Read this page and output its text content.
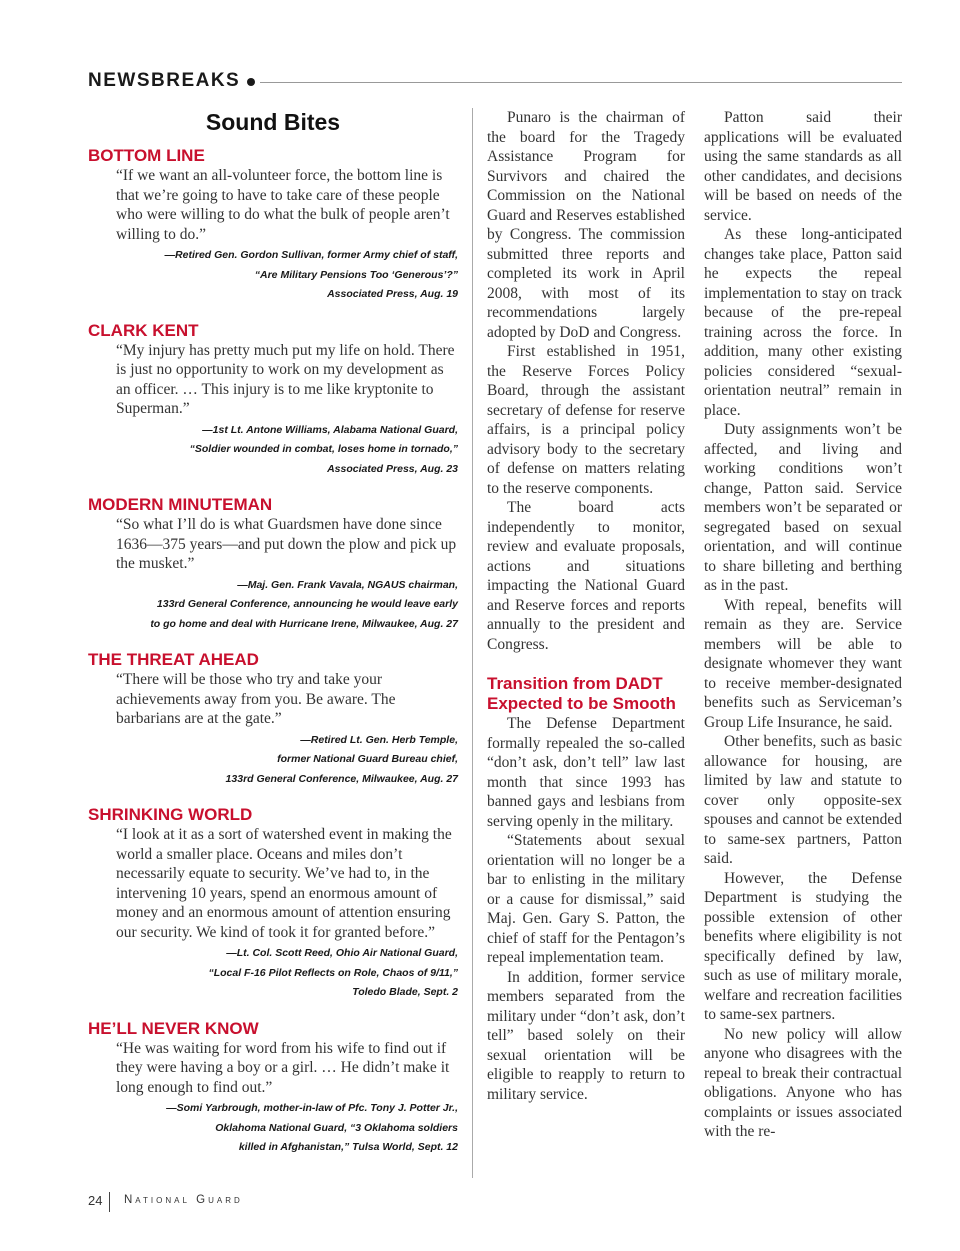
NEWSBREAKS
Sound Bites
BOTTOM LINE

“If we want an all-volunteer force, the bottom line is that we’re going to have to take care of these people who were willing to do what the bulk of people aren’t willing to do.”

—Retired Gen. Gordon Sullivan, former Army chief of staff,

“Are Military Pensions Too ‘Generous’?”

Associated Press, Aug. 19

CLARK KENT

“My injury has pretty much put my life on hold. There is just no opportunity to work on my development as an officer. … This injury is to me like kryptonite to Superman.”

—1st Lt. Antone Williams, Alabama National Guard,

“Soldier wounded in combat, loses home in tornado,”

Associated Press, Aug. 23

MODERN MINUTEMAN

“So what I’ll do is what Guardsmen have done since 1636—375 years—and put down the plow and pick up the musket.”

—Maj. Gen. Frank Vavala, NGAUS chairman,

133rd General Conference, announcing he would leave early

to go home and deal with Hurricane Irene, Milwaukee, Aug. 27

THE THREAT AHEAD

“There will be those who try and take your achievements away from you. Be aware. The barbarians are at the gate.”

—Retired Lt. Gen. Herb Temple,

former National Guard Bureau chief,

133rd General Conference, Milwaukee, Aug. 27

SHRINKING WORLD

“I look at it as a sort of watershed event in making the world a smaller place. Oceans and miles don’t necessarily equate to security. We’ve had to, in the intervening 10 years, spend an enormous amount of money and an enormous amount of attention ensuring our security. We kind of took it for granted before.”

—Lt. Col. Scott Reed, Ohio Air National Guard,

“Local F-16 Pilot Reflects on Role, Chaos of 9/11,”

Toledo Blade, Sept. 2

HE’LL NEVER KNOW

“He was waiting for word from his wife to find out if they were having a boy or a girl. … He didn’t make it long enough to find out.”

—Somi Yarbrough, mother-in-law of Pfc. Tony J. Potter Jr.,

Oklahoma National Guard, “3 Oklahoma soldiers

killed in Afghanistan,” Tulsa World, Sept. 12

Punaro is the chairman of the board for the Tragedy Assistance Program for Survivors and chaired the Commission on the National Guard and Reserves established by Congress. The commission submitted three reports and completed its work in April 2008, with most of its recommendations largely adopted by DoD and Congress.

First established in 1951, the Reserve Forces Policy Board, through the assistant secretary of defense for reserve affairs, is a principal policy advisory body to the secretary of defense on matters relating to the reserve components.

The board acts independently to monitor, review and evaluate proposals, actions and situations impacting the National Guard and Reserve forces and reports annually to the president and Congress.

Transition from DADT Expected to be Smooth

The Defense Department formally repealed the so-called “don’t ask, don’t tell” law last month that since 1993 has banned gays and lesbians from serving openly in the military.

“Statements about sexual orientation will no longer be a bar to enlisting in the military or a cause for dismissal,” said Maj. Gen. Gary S. Patton, the chief of staff for the Pentagon’s repeal implementation team.

In addition, former service members separated from the military under “don’t ask, don’t tell” based solely on their sexual orientation will be eligible to reapply to return to military service.

Patton said their applications will be evaluated using the same standards as all other candidates, and decisions will be based on needs of the service.

As these long-anticipated changes take place, Patton said he expects the repeal implementation to stay on track because of the pre-repeal training across the force. In addition, many other existing policies considered “sexual-orientation neutral” remain in place.

Duty assignments won’t be affected, and living and working conditions won’t change, Patton said. Service members won’t be separated or segregated based on sexual orientation, and will continue to share billeting and berthing as in the past.

With repeal, benefits will remain as they are. Service members will be able to designate whomever they want to receive member-designated benefits such as Serviceman’s Group Life Insurance, he said.

Other benefits, such as basic allowance for housing, are limited by law and statute to cover only opposite-sex spouses and cannot be extended to same-sex partners, Patton said.

However, the Defense Department is studying the possible extension of other benefits where eligibility is not specifically defined by law, such as use of military morale, welfare and recreation facilities to same-sex partners.

No new policy will allow anyone who disagrees with the repeal to break their contractual obligations. Anyone who has complaints or issues associated with the re-

24 National Guard
